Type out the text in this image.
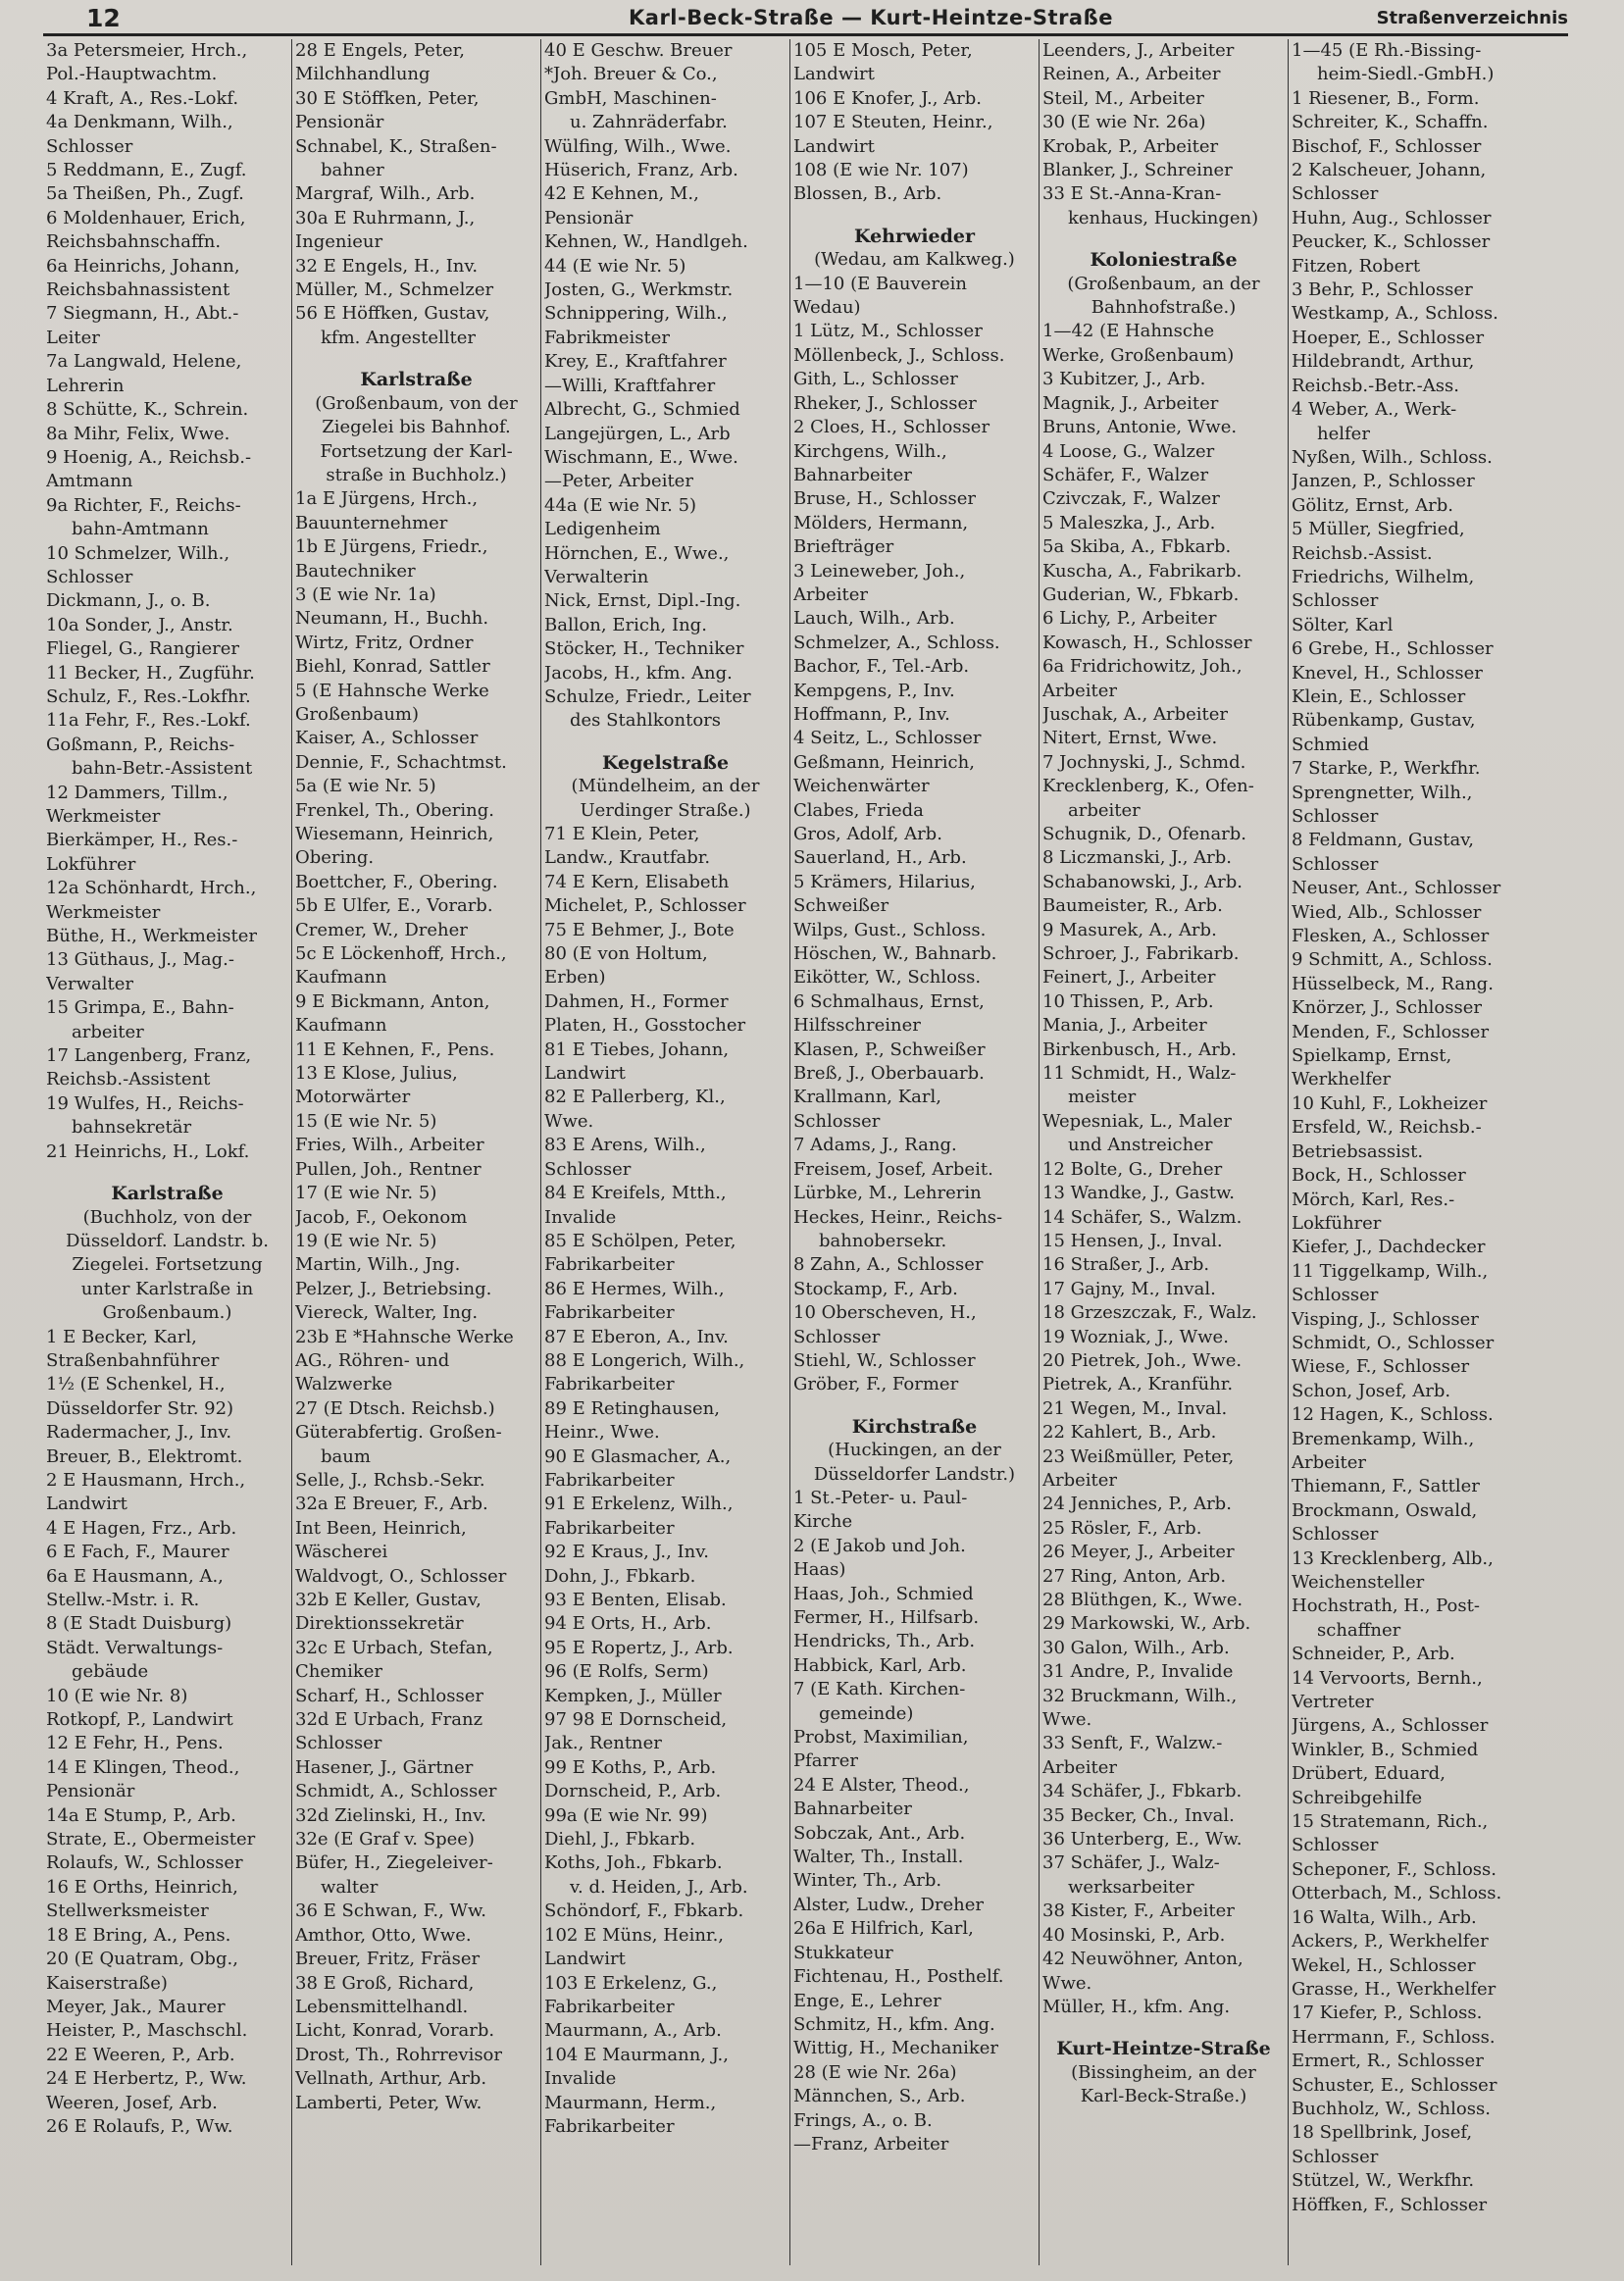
12	Karl-Beck-Straße — Kurt-Heintze-Straße	Straßenverzeichnis
3a Petersmeier, Hrch.,
Pol.-Hauptwachtm.
4 Kraft, A., Res.-Lokf.
4a Denkmann, Wilh.,
Schlosser
5 Reddmann, E., Zugf.
5a Theißen, Ph., Zugf.
6 Moldenhauer, Erich,
Reichsbahnschaffn.
6a Heinrichs, Johann,
Reichsbahnassistent
7 Siegmann, H., Abt.-
Leiter
7a Langwald, Helene,
Lehrerin
8 Schütte, K., Schrein.
8a Mihr, Felix, Wwe.
9 Hoenig, A., Reichsb.-
Amtmann
9a Richter, F., Reichs-
bahn-Amtmann
10 Schmelzer, Wilh.,
Schlosser
Dickmann, J., o. B.
10a Sonder, J., Anstr.
Fliegel, G., Rangierer
11 Becker, H., Zugführ.
Schulz, F., Res.-Lokfhr.
11a Fehr, F., Res.-Lokf.
Goßmann, P., Reichs-
bahn-Betr.-Assistent
12 Dammers, Tillm.,
Werkmeister
Bierkämper, H., Res.-
Lokführer
12a Schönhardt, Hrch.,
Werkmeister
Büthe, H., Werkmeister
13 Güthaus, J., Mag.-
Verwalter
15 Grimpa, E., Bahn-
arbeiter
17 Langenberg, Franz,
Reichsb.-Assistent
19 Wulfes, H., Reichs-
bahnsekretär
21 Heinrichs, H., Lokf.
Karlstraße
(Buchholz, von der
Düsseldorf. Landstr. b.
Ziegelei. Fortsetzung
unter Karlstraße in
Großenbaum.)
1 E Becker, Karl,
Straßenbahnführer
1½ (E Schenkel, H.,
Düsseldorfer Str. 92)
Radermacher, J., Inv.
Breuer, B., Elektromt.
2 E Hausmann, Hrch.,
Landwirt
4 E Hagen, Frz., Arb.
6 E Fach, F., Maurer
6a E Hausmann, A.,
Stellw.-Mstr. i. R.
8 (E Stadt Duisburg)
Städt. Verwaltungs-
gebäude
10 (E wie Nr. 8)
Rotkopf, P., Landwirt
12 E Fehr, H., Pens.
14 E Klingen, Theod.,
Pensionär
14a E Stump, P., Arb.
Strate, E., Obermeister
Rolaufs, W., Schlosser
16 E Orths, Heinrich,
Stellwerksmeister
18 E Bring, A., Pens.
20 (E Quatram, Obg.,
Kaiserstraße)
Meyer, Jak., Maurer
Heister, P., Maschschl.
22 E Weeren, P., Arb.
24 E Herbertz, P., Ww.
Weeren, Josef, Arb.
26 E Rolaufs, P., Ww.
28 E Engels, Peter,
Milchhandlung
30 E Stöffken, Peter,
Pensionär
Schnabel, K., Straßen-
bahner
Margraf, Wilh., Arb.
30a E Ruhrmann, J.,
Ingenieur
32 E Engels, H., Inv.
Müller, M., Schmelzer
56 E Höffken, Gustav,
kfm. Angestellter
Karlstraße
(Großenbaum, von der
Ziegelei bis Bahnhof.
Fortsetzung der Karl-
straße in Buchholz.)
1a E Jürgens, Hrch.,
Bauunternehmer
1b E Jürgens, Friedr.,
Bautechniker
3 (E wie Nr. 1a)
Neumann, H., Buchh.
Wirtz, Fritz, Ordner
Biehl, Konrad, Sattler
5 (E Hahnsche Werke
Großenbaum)
Kaiser, A., Schlosser
Dennie, F., Schachtmst.
5a (E wie Nr. 5)
Frenkel, Th., Obering.
Wiesemann, Heinrich,
Obering.
Boettcher, F., Obering.
5b E Ulfer, E., Vorarb.
Cremer, W., Dreher
5c E Löckenhoff, Hrch.,
Kaufmann
9 E Bickmann, Anton,
Kaufmann
11 E Kehnen, F., Pens.
13 E Klose, Julius,
Motorwärter
15 (E wie Nr. 5)
Fries, Wilh., Arbeiter
Pullen, Joh., Rentner
17 (E wie Nr. 5)
Jacob, F., Oekonom
19 (E wie Nr. 5)
Martin, Wilh., Jng.
Pelzer, J., Betriebsing.
Viereck, Walter, Ing.
23b E *Hahnsche Werke
AG., Röhren- und
Walzwerke
27 (E Dtsch. Reichsb.)
Güterabfertig. Großen-
baum
Selle, J., Rchsb.-Sekr.
32a E Breuer, F., Arb.
Int Been, Heinrich,
Wäscherei
Waldvogt, O., Schlosser
32b E Keller, Gustav,
Direktionssekretär
32c E Urbach, Stefan,
Chemiker
Scharf, H., Schlosser
32d E Urbach, Franz
Schlosser
Hasener, J., Gärtner
Schmidt, A., Schlosser
32d Zielinski, H., Inv.
32e (E Graf v. Spee)
Büfer, H., Ziegeleiver-
walter
36 E Schwan, F., Ww.
Amthor, Otto, Wwe.
Breuer, Fritz, Fräser
38 E Groß, Richard,
Lebensmittelhandl.
Licht, Konrad, Vorarb.
Drost, Th., Rohrrevisor
Vellnath, Arthur, Arb.
Lamberti, Peter, Ww.
40 E Geschw. Breuer
*Joh. Breuer & Co.,
GmbH, Maschinen-
u. Zahnräderfabr.
Wülfing, Wilh., Wwe.
Hüserich, Franz, Arb.
42 E Kehnen, M.,
Pensionär
Kehnen, W., Handlgeh.
44 (E wie Nr. 5)
Josten, G., Werkmstr.
Schnippering, Wilh.,
Fabrikmeister
Krey, E., Kraftfahrer
—Willi, Kraftfahrer
Albrecht, G., Schmied
Langejürgen, L., Arb
Wischmann, E., Wwe.
—Peter, Arbeiter
44a (E wie Nr. 5)
Ledigenheim
Hörnchen, E., Wwe.,
Verwalterin
Nick, Ernst, Dipl.-Ing.
Ballon, Erich, Ing.
Stöcker, H., Techniker
Jacobs, H., kfm. Ang.
Schulze, Friedr., Leiter
des Stahlkontors
Kegelstraße
(Mündelheim, an der
Uerdinger Straße.)
71 E Klein, Peter,
Landw., Krautfabr.
74 E Kern, Elisabeth
Michelet, P., Schlosser
75 E Behmer, J., Bote
80 (E von Holtum,
Erben)
Dahmen, H., Former
Platen, H., Gosstocher
81 E Tiebes, Johann,
Landwirt
82 E Pallerberg, Kl.,
Wwe.
83 E Arens, Wilh.,
Schlosser
84 E Kreifels, Mtth.,
Invalide
85 E Schölpen, Peter,
Fabrikarbeiter
86 E Hermes, Wilh.,
Fabrikarbeiter
87 E Eberon, A., Inv.
88 E Longerich, Wilh.,
Fabrikarbeiter
89 E Retinghausen,
Heinr., Wwe.
90 E Glasmacher, A.,
Fabrikarbeiter
91 E Erkelenz, Wilh.,
Fabrikarbeiter
92 E Kraus, J., Inv.
Dohn, J., Fbkarb.
93 E Benten, Elisab.
94 E Orts, H., Arb.
95 E Ropertz, J., Arb.
96 (E Rolfs, Serm)
Kempken, J., Müller
97 98 E Dornscheid,
Jak., Rentner
99 E Koths, P., Arb.
Dornscheid, P., Arb.
99a (E wie Nr. 99)
Diehl, J., Fbkarb.
Koths, Joh., Fbkarb.
v. d. Heiden, J., Arb.
Schöndorf, F., Fbkarb.
102 E Müns, Heinr.,
Landwirt
103 E Erkelenz, G.,
Fabrikarbeiter
Maurmann, A., Arb.
104 E Maurmann, J.,
Invalide
Maurmann, Herm.,
Fabrikarbeiter
105 E Mosch, Peter,
Landwirt
106 E Knofer, J., Arb.
107 E Steuten, Heinr.,
Landwirt
108 (E wie Nr. 107)
Blossen, B., Arb.
Kehrwieder
(Wedau, am Kalkweg.)
1—10 (E Bauverein
Wedau)
1 Lütz, M., Schlosser
Möllenbeck, J., Schloss.
Gith, L., Schlosser
Rheker, J., Schlosser
2 Cloes, H., Schlosser
Kirchgens, Wilh.,
Bahnarbeiter
Bruse, H., Schlosser
Mölders, Hermann,
Briefträger
3 Leineweber, Joh.,
Arbeiter
Lauch, Wilh., Arb.
Schmelzer, A., Schloss.
Bachor, F., Tel.-Arb.
Kempgens, P., Inv.
Hoffmann, P., Inv.
4 Seitz, L., Schlosser
Geßmann, Heinrich,
Weichenwärter
Clabes, Frieda
Gros, Adolf, Arb.
Sauerland, H., Arb.
5 Krämers, Hilarius,
Schweißer
Wilps, Gust., Schloss.
Höschen, W., Bahnarb.
Eikötter, W., Schloss.
6 Schmalhaus, Ernst,
Hilfsschreiner
Klasen, P., Schweißer
Breß, J., Oberbauarb.
Krallmann, Karl,
Schlosser
7 Adams, J., Rang.
Freisem, Josef, Arbeit.
Lürbke, M., Lehrerin
Heckes, Heinr., Reichs-
bahnobersekr.
8 Zahn, A., Schlosser
Stockamp, F., Arb.
10 Oberscheven, H.,
Schlosser
Stiehl, W., Schlosser
Gröber, F., Former
Kirchstraße
(Huckingen, an der
Düsseldorfer Landstr.)
1 St.-Peter- u. Paul-
Kirche
2 (E Jakob und Joh.
Haas)
Haas, Joh., Schmied
Fermer, H., Hilfsarb.
Hendricks, Th., Arb.
Habbick, Karl, Arb.
7 (E Kath. Kirchen-
gemeinde)
Probst, Maximilian,
Pfarrer
24 E Alster, Theod.,
Bahnarbeiter
Sobczak, Ant., Arb.
Walter, Th., Install.
Winter, Th., Arb.
Alster, Ludw., Dreher
26a E Hilfrich, Karl,
Stukkateur
Fichtenau, H., Posthelf.
Enge, E., Lehrer
Schmitz, H., kfm. Ang.
Wittig, H., Mechaniker
28 (E wie Nr. 26a)
Männchen, S., Arb.
Frings, A., o. B.
—Franz, Arbeiter
Leenders, J., Arbeiter
Reinen, A., Arbeiter
Steil, M., Arbeiter
30 (E wie Nr. 26a)
Krobak, P., Arbeiter
Blanker, J., Schreiner
33 E St.-Anna-Kran-
kenhaus, Huckingen)
Koloniestraße
(Großenbaum, an der
Bahnhofstraße.)
1—42 (E Hahnsche
Werke, Großenbaum)
3 Kubitzer, J., Arb.
Magnik, J., Arbeiter
Bruns, Antonie, Wwe.
4 Loose, G., Walzer
Schäfer, F., Walzer
Czivczak, F., Walzer
5 Maleszka, J., Arb.
5a Skiba, A., Fbkarb.
Kuscha, A., Fabrikarb.
Guderian, W., Fbkarb.
6 Lichy, P., Arbeiter
Kowasch, H., Schlosser
6a Fridrichowitz, Joh.,
Arbeiter
Juschak, A., Arbeiter
Nitert, Ernst, Wwe.
7 Jochnyski, J., Schmd.
Krecklenberg, K., Ofen-
arbeiter
Schugnik, D., Ofenarb.
8 Liczmanski, J., Arb.
Schabanowski, J., Arb.
Baumeister, R., Arb.
9 Masurek, A., Arb.
Schroer, J., Fabrikarb.
Feinert, J., Arbeiter
10 Thissen, P., Arb.
Mania, J., Arbeiter
Birkenbusch, H., Arb.
11 Schmidt, H., Walz-
meister
Wepesniak, L., Maler
und Anstreicher
12 Bolte, G., Dreher
13 Wandke, J., Gastw.
14 Schäfer, S., Walzm.
15 Hensen, J., Inval.
16 Straßer, J., Arb.
17 Gajny, M., Inval.
18 Grzeszczak, F., Walz.
19 Wozniak, J., Wwe.
20 Pietrek, Joh., Wwe.
Pietrek, A., Kranführ.
21 Wegen, M., Inval.
22 Kahlert, B., Arb.
23 Weißmüller, Peter,
Arbeiter
24 Jenniches, P., Arb.
25 Rösler, F., Arb.
26 Meyer, J., Arbeiter
27 Ring, Anton, Arb.
28 Blüthgen, K., Wwe.
29 Markowski, W., Arb.
30 Galon, Wilh., Arb.
31 Andre, P., Invalide
32 Bruckmann, Wilh.,
Wwe.
33 Senft, F., Walzw.-
Arbeiter
34 Schäfer, J., Fbkarb.
35 Becker, Ch., Inval.
36 Unterberg, E., Ww.
37 Schäfer, J., Walz-
werksarbeiter
38 Kister, F., Arbeiter
40 Mosinski, P., Arb.
42 Neuwöhner, Anton,
Wwe.
Müller, H., kfm. Ang.
Kurt-Heintze-Straße
(Bissingheim, an der
Karl-Beck-Straße.)
1—45 (E Rh.-Bissing-
heim-Siedl.-GmbH.)
1 Riesener, B., Form.
Schreiter, K., Schaffn.
Bischof, F., Schlosser
2 Kalscheuer, Johann,
Schlosser
Huhn, Aug., Schlosser
Peucker, K., Schlosser
Fitzen, Robert
3 Behr, P., Schlosser
Westkamp, A., Schloss.
Hoeper, E., Schlosser
Hildebrandt, Arthur,
Reichsb.-Betr.-Ass.
4 Weber, A., Werk-
helfer
Nyßen, Wilh., Schloss.
Janzen, P., Schlosser
Gölitz, Ernst, Arb.
5 Müller, Siegfried,
Reichsb.-Assist.
Friedrichs, Wilhelm,
Schlosser
Sölter, Karl
6 Grebe, H., Schlosser
Knevel, H., Schlosser
Klein, E., Schlosser
Rübenkamp, Gustav,
Schmied
7 Starke, P., Werkfhr.
Sprengnetter, Wilh.,
Schlosser
8 Feldmann, Gustav,
Schlosser
Neuser, Ant., Schlosser
Wied, Alb., Schlosser
Flesken, A., Schlosser
9 Schmitt, A., Schloss.
Hüsselbeck, M., Rang.
Knörzer, J., Schlosser
Menden, F., Schlosser
Spielkamp, Ernst,
Werkhelfer
10 Kuhl, F., Lokheizer
Ersfeld, W., Reichsb.-
Betriebsassist.
Bock, H., Schlosser
Mörch, Karl, Res.-
Lokführer
Kiefer, J., Dachdecker
11 Tiggelkamp, Wilh.,
Schlosser
Visping, J., Schlosser
Schmidt, O., Schlosser
Wiese, F., Schlosser
Schon, Josef, Arb.
12 Hagen, K., Schloss.
Bremenkamp, Wilh.,
Arbeiter
Thiemann, F., Sattler
Brockmann, Oswald,
Schlosser
13 Krecklenberg, Alb.,
Weichensteller
Hochstrath, H., Post-
schaffner
Schneider, P., Arb.
14 Vervoorts, Bernh.,
Vertreter
Jürgens, A., Schlosser
Winkler, B., Schmied
Drübert, Eduard,
Schreibgehilfe
15 Stratemann, Rich.,
Schlosser
Scheponer, F., Schloss.
Otterbach, M., Schloss.
16 Walta, Wilh., Arb.
Ackers, P., Werkhelfer
Wekel, H., Schlosser
Grasse, H., Werkhelfer
17 Kiefer, P., Schloss.
Herrmann, F., Schloss.
Ermert, R., Schlosser
Schuster, E., Schlosser
Buchholz, W., Schloss.
18 Spellbrink, Josef,
Schlosser
Stützel, W., Werkfhr.
Höffken, F., Schlosser
